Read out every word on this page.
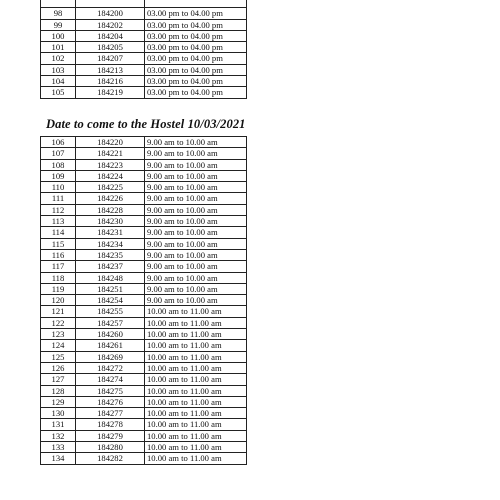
98	184200	03.00 pm to 04.00 pm
99	184202	03.00 pm to 04.00 pm
100	184204	03.00 pm to 04.00 pm
101	184205	03.00 pm to 04.00 pm
102	184207	03.00 pm to 04.00 pm
103	184213	03.00 pm to 04.00 pm
104	184216	03.00 pm to 04.00 pm
105	184219	03.00 pm to 04.00 pm
Date to come to the Hostel 10/03/2021
106	184220	9.00 am to 10.00 am
107	184221	9.00 am to 10.00 am
108	184223	9.00 am to 10.00 am
109	184224	9.00 am to 10.00 am
110	184225	9.00 am to 10.00 am
111	184226	9.00 am to 10.00 am
112	184228	9.00 am to 10.00 am
113	184230	9.00 am to 10.00 am
114	184231	9.00 am to 10.00 am
115	184234	9.00 am to 10.00 am
116	184235	9.00 am to 10.00 am
117	184237	9.00 am to 10.00 am
118	184248	9.00 am to 10.00 am
119	184251	9.00 am to 10.00 am
120	184254	9.00 am to 10.00 am
121	184255	10.00 am to 11.00 am
122	184257	10.00 am to 11.00 am
123	184260	10.00 am to 11.00 am
124	184261	10.00 am to 11.00 am
125	184269	10.00 am to 11.00 am
126	184272	10.00 am to 11.00 am
127	184274	10.00 am to 11.00 am
128	184275	10.00 am to 11.00 am
129	184276	10.00 am to 11.00 am
130	184277	10.00 am to 11.00 am
131	184278	10.00 am to 11.00 am
132	184279	10.00 am to 11.00 am
133	184280	10.00 am to 11.00 am
134	184282	10.00 am to 11.00 am
